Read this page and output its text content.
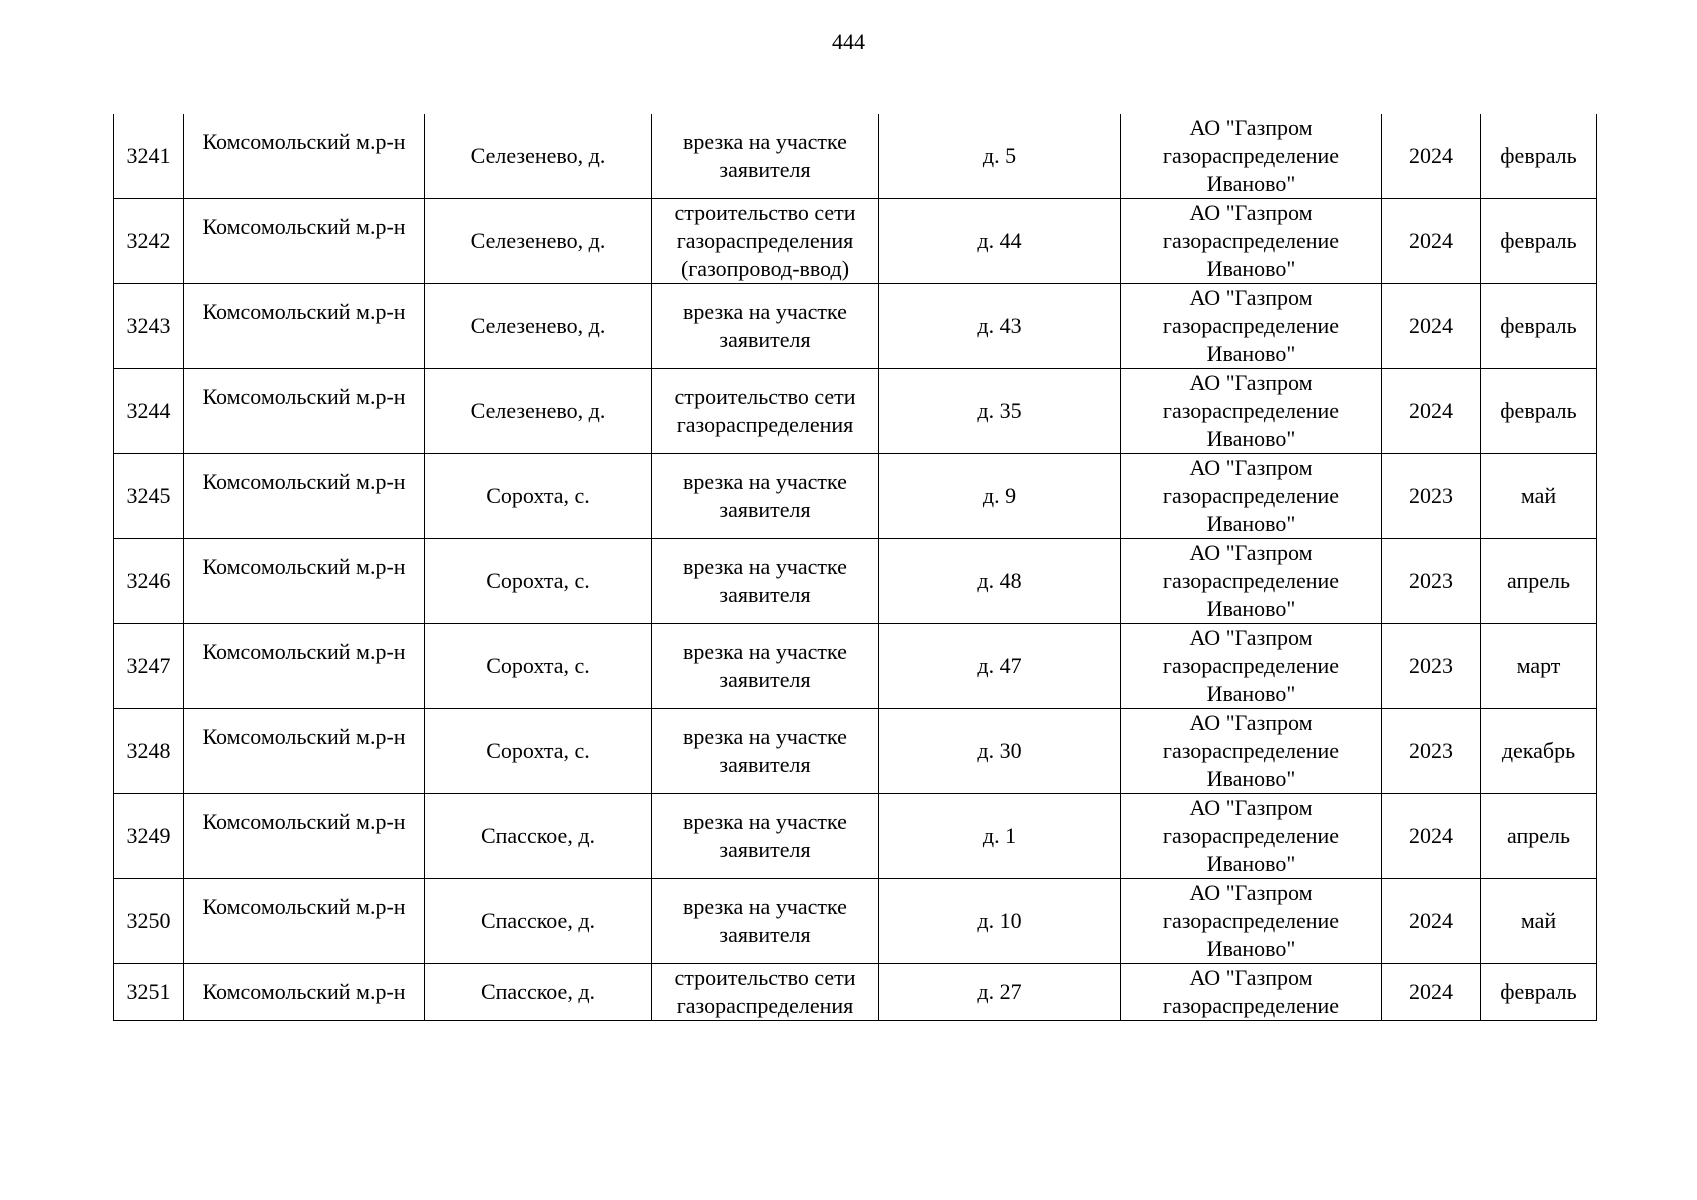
444
3241	Комсомольский м.р-н	Селезенево, д.	врезка на участке заявителя	д. 5	АО "Газпром
газораспределение
Иваново"	2024	февраль
3242	Комсомольский м.р-н	Селезенево, д.	строительство сети газораспределения (газопровод-ввод)	д. 44	АО "Газпром
газораспределение
Иваново"	2024	февраль
3243	Комсомольский м.р-н	Селезенево, д.	врезка на участке заявителя	д. 43	АО "Газпром
газораспределение
Иваново"	2024	февраль
3244	Комсомольский м.р-н	Селезенево, д.	строительство сети газораспределения	д. 35	АО "Газпром
газораспределение
Иваново"	2024	февраль
3245	Комсомольский м.р-н	Сорохта, с.	врезка на участке заявителя	д. 9	АО "Газпром
газораспределение
Иваново"	2023	май
3246	Комсомольский м.р-н	Сорохта, с.	врезка на участке заявителя	д. 48	АО "Газпром
газораспределение
Иваново"	2023	апрель
3247	Комсомольский м.р-н	Сорохта, с.	врезка на участке заявителя	д. 47	АО "Газпром
газораспределение
Иваново"	2023	март
3248	Комсомольский м.р-н	Сорохта, с.	врезка на участке заявителя	д. 30	АО "Газпром
газораспределение
Иваново"	2023	декабрь
3249	Комсомольский м.р-н	Спасское, д.	врезка на участке заявителя	д. 1	АО "Газпром
газораспределение
Иваново"	2024	апрель
3250	Комсомольский м.р-н	Спасское, д.	врезка на участке заявителя	д. 10	АО "Газпром
газораспределение
Иваново"	2024	май
3251	Комсомольский м.р-н	Спасское, д.	строительство сети газораспределения	д. 27	АО "Газпром
газораспределение	2024	февраль
